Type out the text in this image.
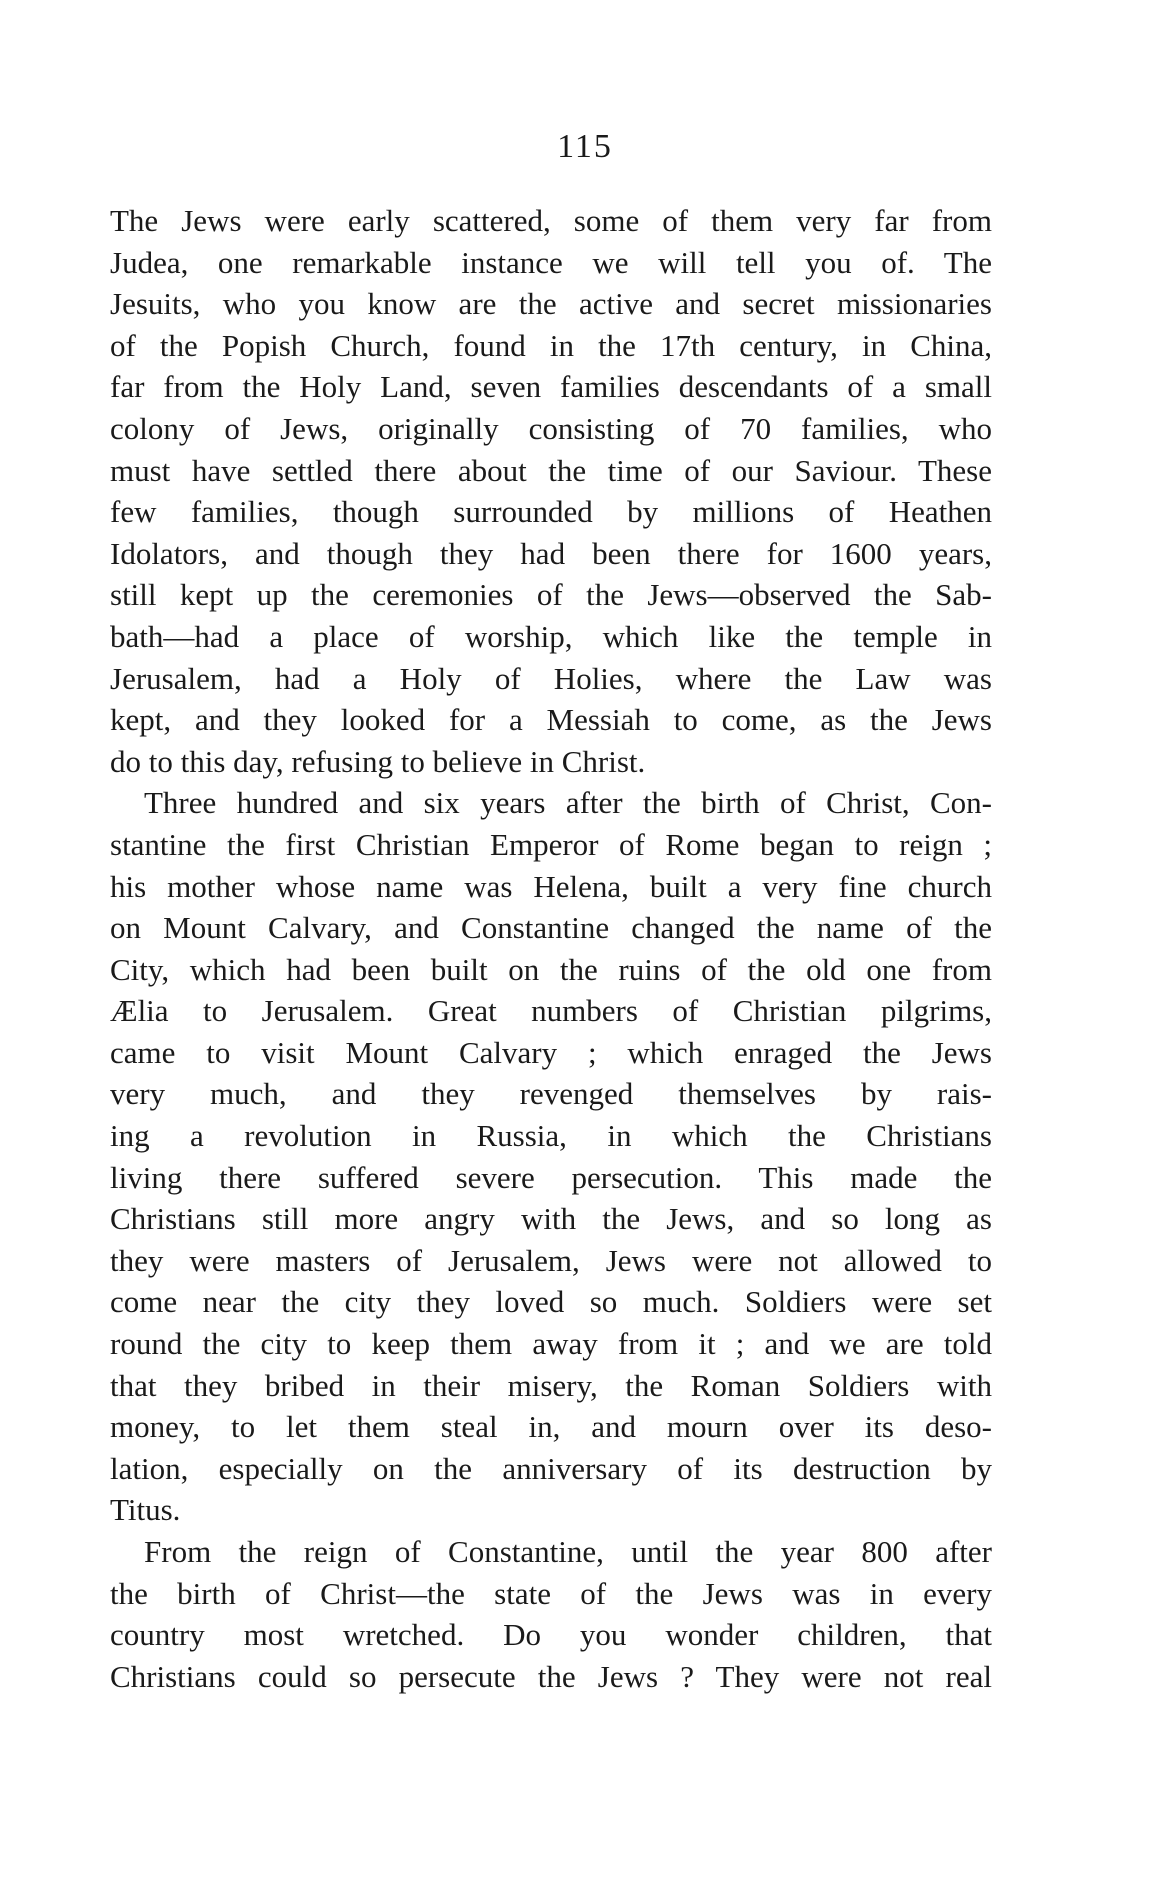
115
The Jews were early scattered, some of them very far from
Judea, one remarkable instance we will tell you of. The
Jesuits, who you know are the active and secret missionaries
of the Popish Church, found in the 17th century, in China,
far from the Holy Land, seven families descendants of a small
colony of Jews, originally consisting of 70 families, who
must have settled there about the time of our Saviour. These
few families, though surrounded by millions of Heathen
Idolators, and though they had been there for 1600 years,
still kept up the ceremonies of the Jews—observed the Sab-
bath—had a place of worship, which like the temple in
Jerusalem, had a Holy of Holies, where the Law was
kept, and they looked for a Messiah to come, as the Jews
do to this day, refusing to believe in Christ.
Three hundred and six years after the birth of Christ, Con-
stantine the first Christian Emperor of Rome began to reign ;
his mother whose name was Helena, built a very fine church
on Mount Calvary, and Constantine changed the name of the
City, which had been built on the ruins of the old one from
Ælia to Jerusalem. Great numbers of Christian pilgrims,
came to visit Mount Calvary ; which enraged the Jews
very much, and they revenged themselves by rais-
ing a revolution in Russia, in which the Christians
living there suffered severe persecution. This made the
Christians still more angry with the Jews, and so long as
they were masters of Jerusalem, Jews were not allowed to
come near the city they loved so much. Soldiers were set
round the city to keep them away from it ; and we are told
that they bribed in their misery, the Roman Soldiers with
money, to let them steal in, and mourn over its deso-
lation, especially on the anniversary of its destruction by
Titus.
From the reign of Constantine, until the year 800 after
the birth of Christ—the state of the Jews was in every
country most wretched. Do you wonder children, that
Christians could so persecute the Jews ? They were not real
